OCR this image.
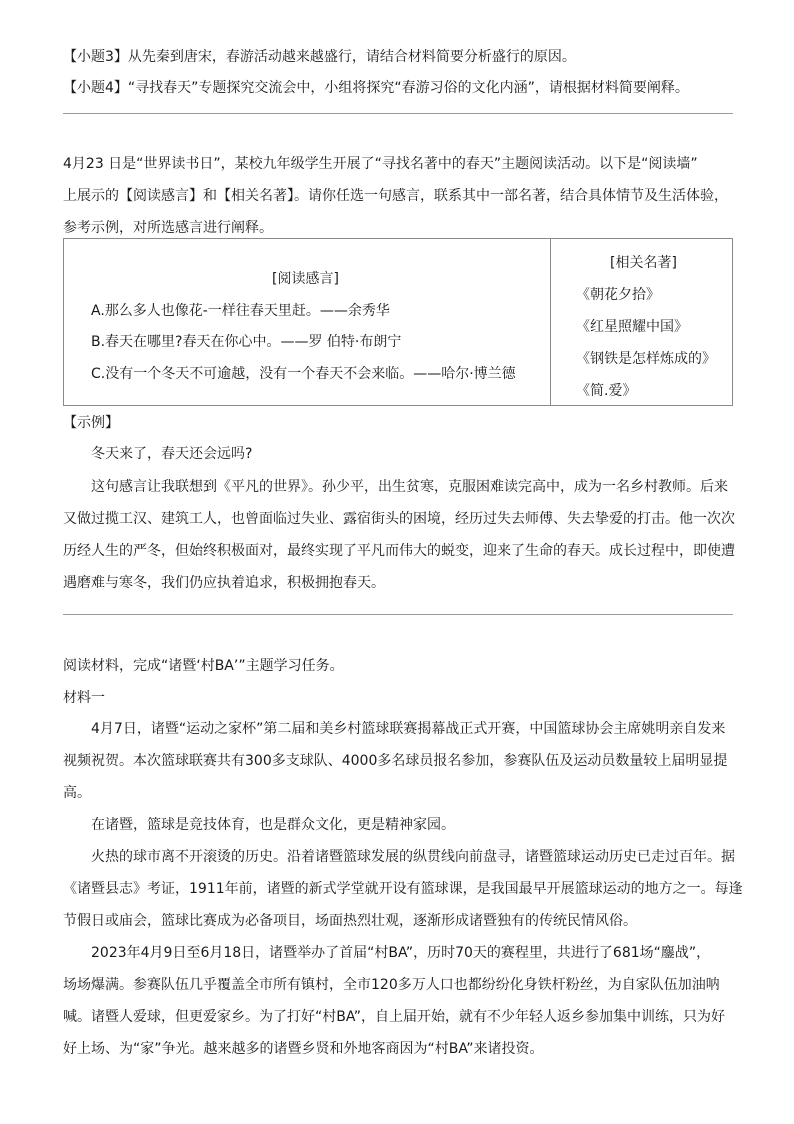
【小题3】从先秦到唐宋，春游活动越来越盛行，请结合材料简要分析盛行的原因。
【小题4】“寻找春天”专题探究交流会中，小组将探究“春游习俗的文化内涵”，请根据材料简要阐释。
4月23 日是“世界读书日”，某校九年级学生开展了“寻找名著中的春天”主题阅读活动。以下是“阅读墙”
上展示的【阅读感言】和【相关名著】。请你任选一句感言，联系其中一部名著，结合具体情节及生活体验，
参考示例，对所选感言进行阐释。
[阅读感言]
A.那么多人也像花-一样往春天里赶。——余秀华
B.春天在哪里?春天在你心中。——罗 伯特·布朗宁
C.没有一个冬天不可逾越，没有一个春天不会来临。——哈尔·博兰德
[相关名著]
《朝花夕拾》
《红星照耀中国》
《钢铁是怎样炼成的》
《简.爱》
【示例】
冬天来了，春天还会远吗?
这句感言让我联想到《平凡的世界》。孙少平，出生贫寒，克服困难读完高中，成为一名乡村教师。后来
又做过揽工汉、建筑工人，也曾面临过失业、露宿街头的困境，经历过失去师傅、失去挚爱的打击。他一次次
历经人生的严冬，但始终积极面对，最终实现了平凡而伟大的蜕变，迎来了生命的春天。成长过程中，即使遭
遇磨难与寒冬，我们仍应执着追求，积极拥抱春天。
阅读材料，完成“诸暨‘村BA’”主题学习任务。
材料一
4月7日，诸暨“运动之家杯”第二届和美乡村篮球联赛揭幕战正式开赛，中国篮球协会主席姚明亲自发来
视频祝贺。本次篮球联赛共有300多支球队、4000多名球员报名参加，参赛队伍及运动员数量较上届明显提
高。
在诸暨，篮球是竞技体育，也是群众文化，更是精神家园。
火热的球市离不开滚烫的历史。沿着诸暨篮球发展的纵贯线向前盘寻，诸暨篮球运动历史已走过百年。据
《诸暨县志》考证，1911年前，诸暨的新式学堂就开设有篮球课，是我国最早开展篮球运动的地方之一。每逢
节假日或庙会，篮球比赛成为必备项目，场面热烈壮观，逐渐形成诸暨独有的传统民情风俗。
2023年4月9日至6月18日，诸暨举办了首届“村BA”，历时70天的赛程里，共进行了681场“鏖战”，
场场爆满。参赛队伍几乎覆盖全市所有镇村，全市120多万人口也都纷纷化身铁杆粉丝，为自家队伍加油呐
喊。诸暨人爱球，但更爱家乡。为了打好“村BA”，自上届开始，就有不少年轻人返乡参加集中训练，只为好
好上场、为“家”争光。越来越多的诸暨乡贤和外地客商因为“村BA”来诸投资。
